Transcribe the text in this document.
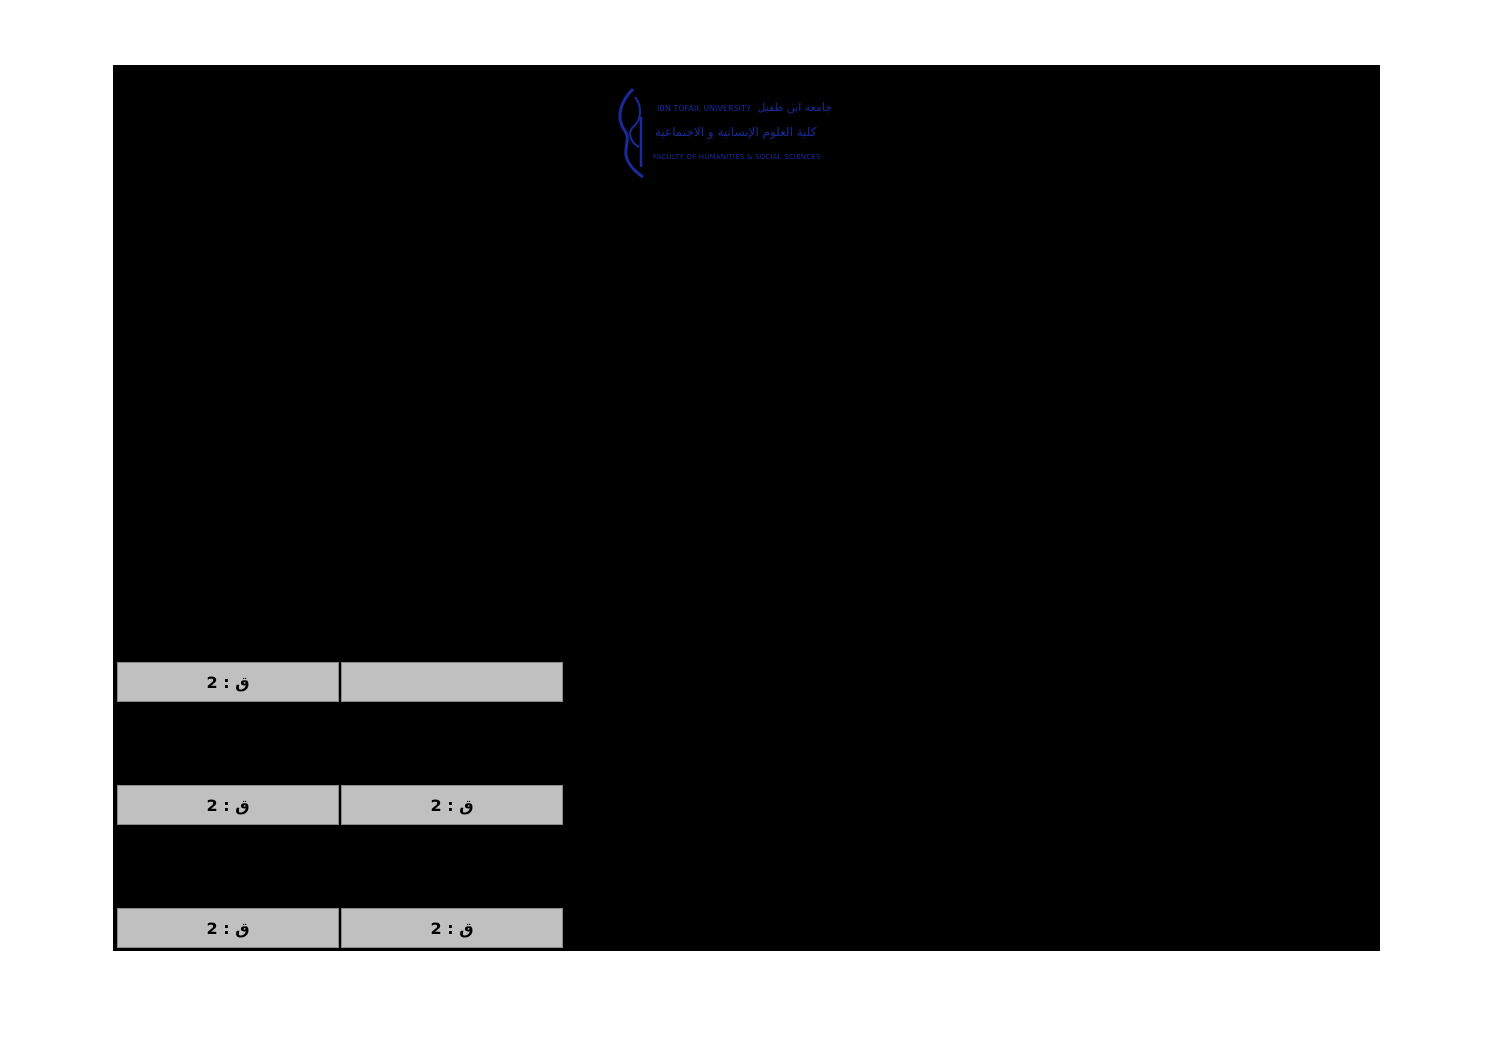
IBN TOFAIL UNIVERSITY جامعة ابن طفيل
كلية العلوم الإنسانية و الاجتماعية
FACULTY OF HUMANITIES & SOCIAL SCIENCES
ق : 2
ق : 2	ق : 2
ق : 2	ق : 2
